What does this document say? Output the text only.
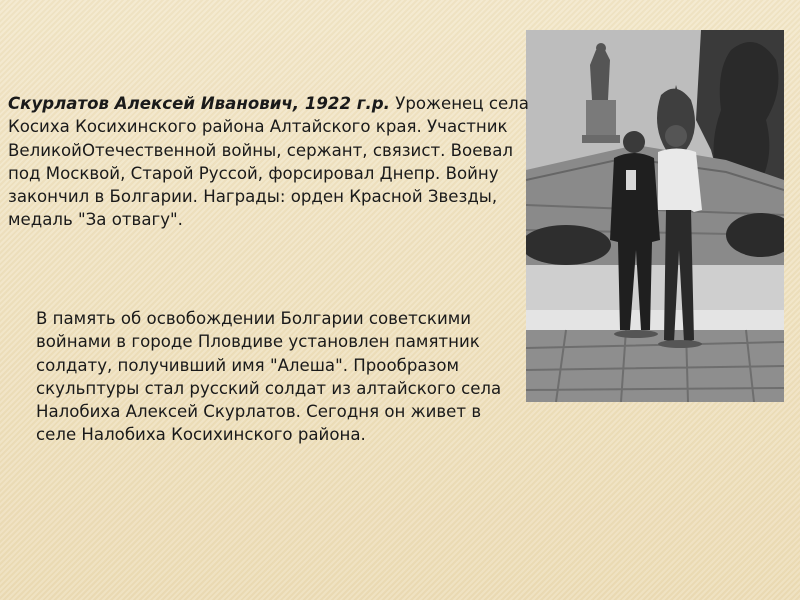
Скурлатов Алексей Иванович, 1922 г.р. Уроженец села Косиха Косихинского района Алтайского края. Участник ВеликойОтечественной войны, сержант, связист. Воевал под Москвой, Старой Руссой, форсировал Днепр. Войну закончил в Болгарии. Награды: орден Красной Звезды, медаль "За отвагу".

В память об освобождении Болгарии советскими войнами в городе Пловдиве установлен памятник солдату, получивший имя "Алеша". Прообразом скульптуры стал русский солдат из алтайского села Налобиха Алексей Скурлатов. Сегодня он живет в селе Налобиха Косихинского района.
